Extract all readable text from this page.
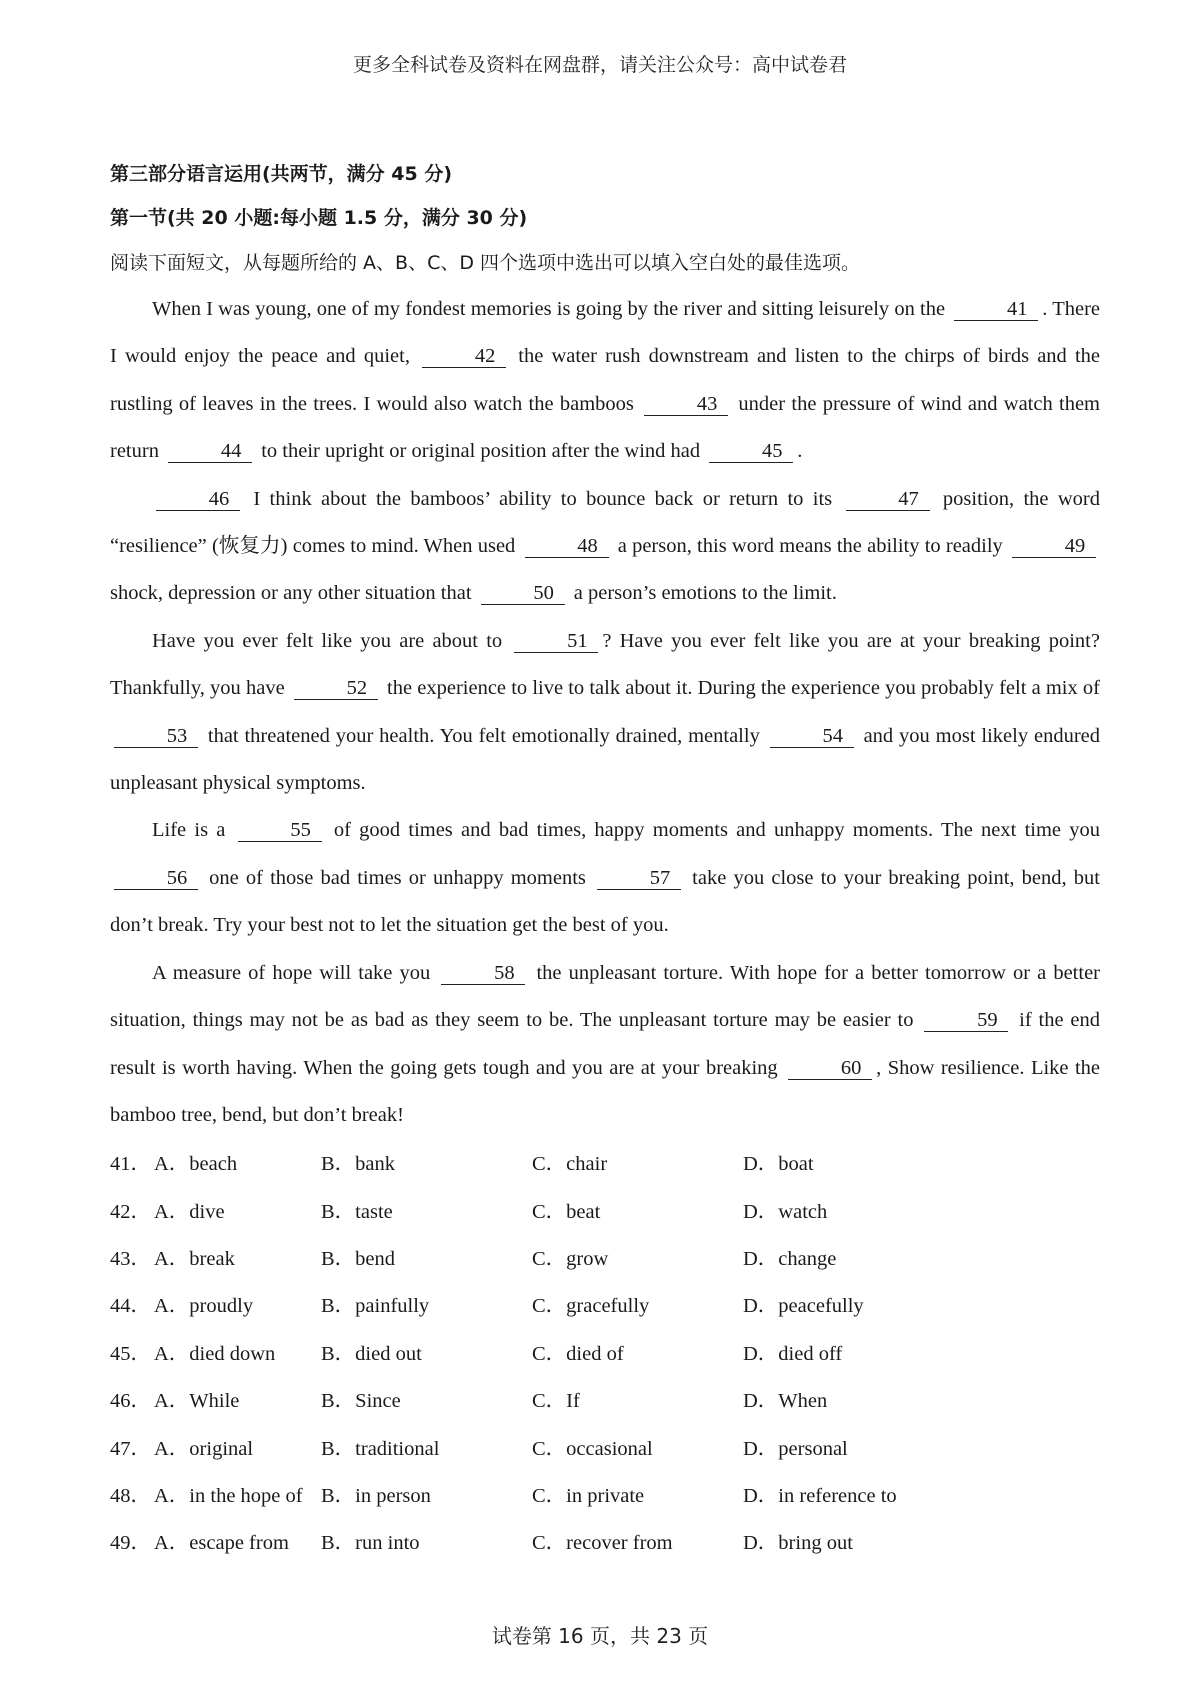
更多全科试卷及资料在网盘群，请关注公众号：高中试卷君
第三部分语言运用(共两节，满分 45 分)
第一节(共 20 小题:每小题 1.5 分，满分 30 分)
阅读下面短文，从每题所给的 A、B、C、D 四个选项中选出可以填入空白处的最佳选项。

When I was young, one of my fondest memories is going by the river and sitting leisurely on the	41 . There I would enjoy the peace and quiet,	42 the water rush downstream and listen to the chirps of birds and the rustling of leaves in the trees. I would also watch the bamboos	43 under the pressure of wind and watch them return	44 to their upright or original position after the wind had	45 .

46 I think about the bamboos’ ability to bounce back or return to its	47 position, the word “resilience” (恢复力) comes to mind. When used	48 a person, this word means the ability to readily	49 shock, depression or any other situation that	50 a person’s emotions to the limit.

Have you ever felt like you are about to	51 ? Have you ever felt like you are at your breaking point? Thankfully, you have	52 the experience to live to talk about it. During the experience you probably felt a mix of 53 that threatened your health. You felt emotionally drained, mentally	54 and you most likely endured unpleasant physical symptoms.

Life is a	55 of good times and bad times, happy moments and unhappy moments. The next time you 56 one of those bad times or unhappy moments	57 take you close to your breaking point, bend, but don’t break. Try your best not to let the situation get the best of you.

A measure of hope will take you	58 the unpleasant torture. With hope for a better tomorrow or a better situation, things may not be as bad as they seem to be. The unpleasant torture may be easier to	59 if the end result is worth having. When the going gets tough and you are at your breaking	60 , Show resilience. Like the bamboo tree, bend, but don’t break!

41． A．beach	B．bank	C．chair	D．boat
42． A．dive	B．taste	C．beat	D．watch
43． A．break	B．bend	C．grow	D．change
44． A．proudly	B．painfully	C．gracefully	D．peacefully
45． A．died down	B．died out	C．died of	D．died off
46． A．While	B．Since	C．If	D．When
47． A．original	B．traditional	C．occasional	D．personal
48． A．in the hope of B．in person	C．in private	D．in reference to
49． A．escape from	B．run into	C．recover from	D．bring out
试卷第 16 页，共 23 页
